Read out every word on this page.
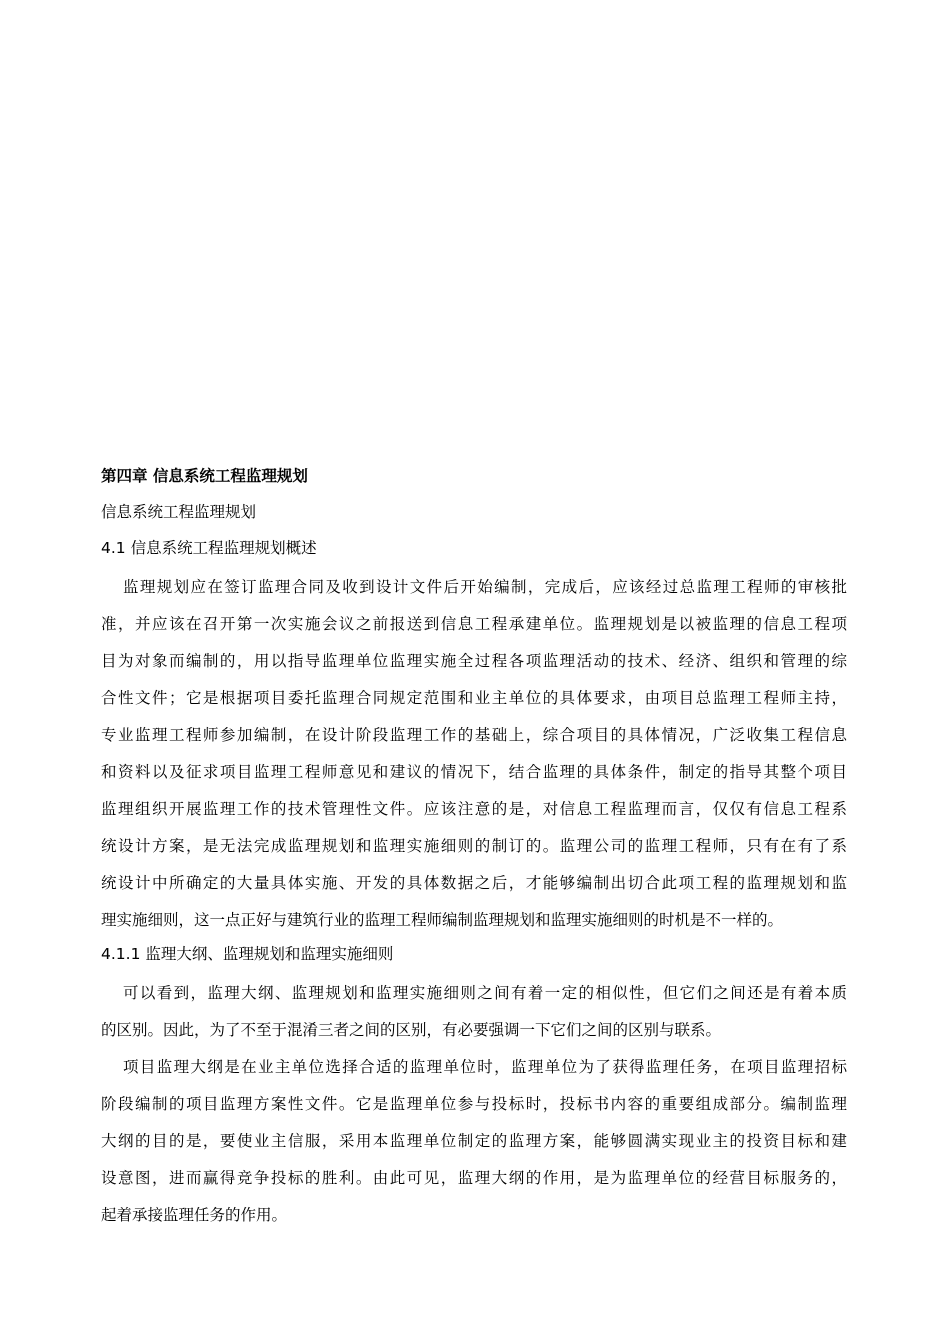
第四章 信息系统工程监理规划
信息系统工程监理规划
4.1 信息系统工程监理规划概述
监理规划应在签订监理合同及收到设计文件后开始编制，完成后，应该经过总监理工程师的审核批
准，并应该在召开第一次实施会议之前报送到信息工程承建单位。监理规划是以被监理的信息工程项
目为对象而编制的，用以指导监理单位监理实施全过程各项监理活动的技术、经济、组织和管理的综
合性文件；它是根据项目委托监理合同规定范围和业主单位的具体要求，由项目总监理工程师主持，
专业监理工程师参加编制，在设计阶段监理工作的基础上，综合项目的具体情况，广泛收集工程信息
和资料以及征求项目监理工程师意见和建议的情况下，结合监理的具体条件，制定的指导其整个项目
监理组织开展监理工作的技术管理性文件。应该注意的是，对信息工程监理而言，仅仅有信息工程系
统设计方案，是无法完成监理规划和监理实施细则的制订的。监理公司的监理工程师，只有在有了系
统设计中所确定的大量具体实施、开发的具体数据之后，才能够编制出切合此项工程的监理规划和监
理实施细则，这一点正好与建筑行业的监理工程师编制监理规划和监理实施细则的时机是不一样的。
4.1.1 监理大纲、监理规划和监理实施细则
可以看到，监理大纲、监理规划和监理实施细则之间有着一定的相似性，但它们之间还是有着本质
的区别。因此，为了不至于混淆三者之间的区别，有必要强调一下它们之间的区别与联系。
项目监理大纲是在业主单位选择合适的监理单位时，监理单位为了获得监理任务，在项目监理招标
阶段编制的项目监理方案性文件。它是监理单位参与投标时，投标书内容的重要组成部分。编制监理
大纲的目的是，要使业主信服，采用本监理单位制定的监理方案，能够圆满实现业主的投资目标和建
设意图，进而赢得竞争投标的胜利。由此可见，监理大纲的作用，是为监理单位的经营目标服务的，
起着承接监理任务的作用。
